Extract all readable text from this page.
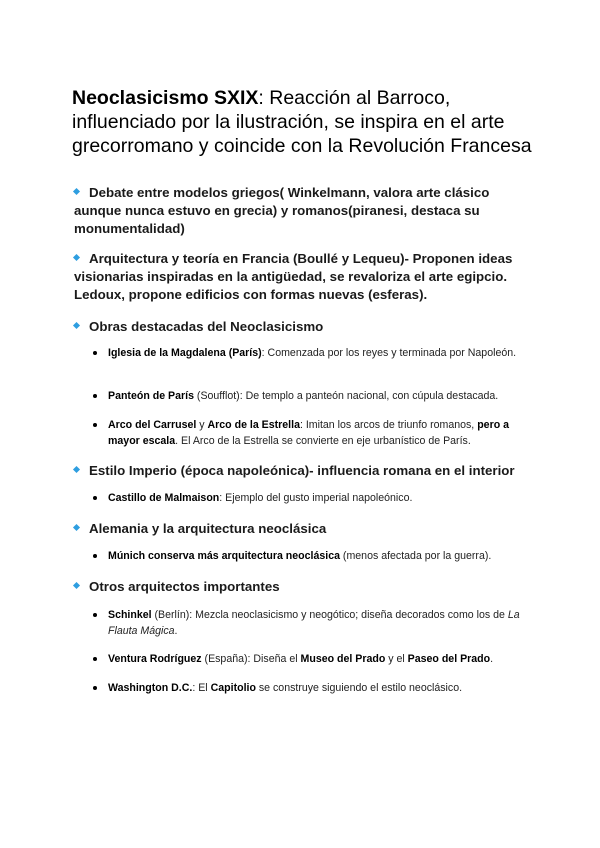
Neoclasicismo SXIX: Reacción al Barroco, influenciado por la ilustración, se inspira en el arte grecorromano y coincide con la Revolución Francesa
Debate entre modelos griegos( Winkelmann, valora arte clásico aunque nunca estuvo en grecia) y romanos(piranesi, destaca su monumentalidad)
Arquitectura y teoría en Francia (Boullé y Lequeu)- Proponen ideas visionarias inspiradas en la antigüedad, se revaloriza el arte egipcio. Ledoux, propone edificios con formas nuevas (esferas).
Obras destacadas del Neoclasicismo
Iglesia de la Magdalena (París): Comenzada por los reyes y terminada por Napoleón.
Panteón de París (Soufflot): De templo a panteón nacional, con cúpula destacada.
Arco del Carrusel y Arco de la Estrella: Imitan los arcos de triunfo romanos, pero a mayor escala. El Arco de la Estrella se convierte en eje urbanístico de París.
Estilo Imperio (época napoleónica)- influencia romana en el interior
Castillo de Malmaison: Ejemplo del gusto imperial napoleónico.
Alemania y la arquitectura neoclásica
Múnich conserva más arquitectura neoclásica (menos afectada por la guerra).
Otros arquitectos importantes
Schinkel (Berlín): Mezcla neoclasicismo y neogótico; diseña decorados como los de La Flauta Mágica.
Ventura Rodríguez (España): Diseña el Museo del Prado y el Paseo del Prado.
Washington D.C.: El Capitolio se construye siguiendo el estilo neoclásico.
